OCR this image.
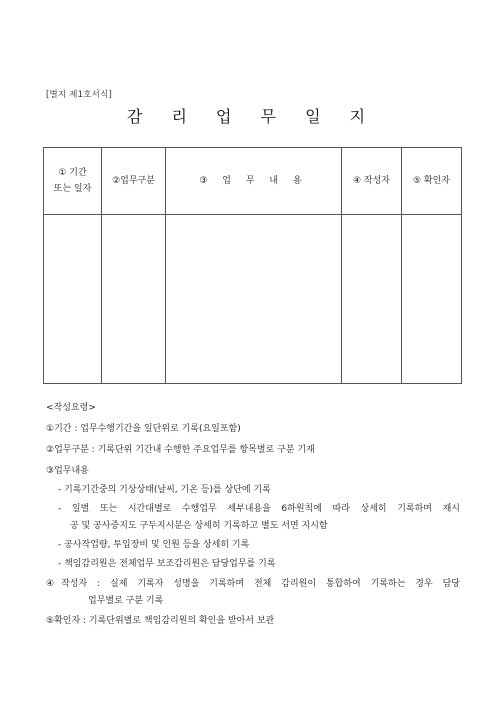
[별지 제1호서식]
감 리 업 무 일 지
① 기간
또는 일자	②업무구분	③ 업 무 내 용	④ 작성자	⑤ 확인자

<작성요령>
①기간 : 업무수행기간을 일단위로 기록(요일포함)
②업무구분 : 기록단위 기간내 수행한 주요업무를 항목별로 구분 기재
③업무내용
- 기록기간중의 기상상태(날씨, 기온 등)를 상단에 기록
- 일별 또는 시간대별로 수행업무 세부내용을 6하원칙에 따라 상세히 기록하며 재시
공 및 공사중지도 구두지시분은 상세히 기록하고 별도 서면 지시함
- 공사작업량, 투입장비 및 인원 등을 상세히 기록
- 책임감리원은 전체업무 보조감리원은 담당업무를 기록
④작성자 : 실제 기록자 성명을 기록하며 전체 감리원이 통합하여 기록하는 경우 담당
업무별로 구분 기록
⑤확인자 : 기록단위별로 책임감리원의 확인을 받아서 보관
